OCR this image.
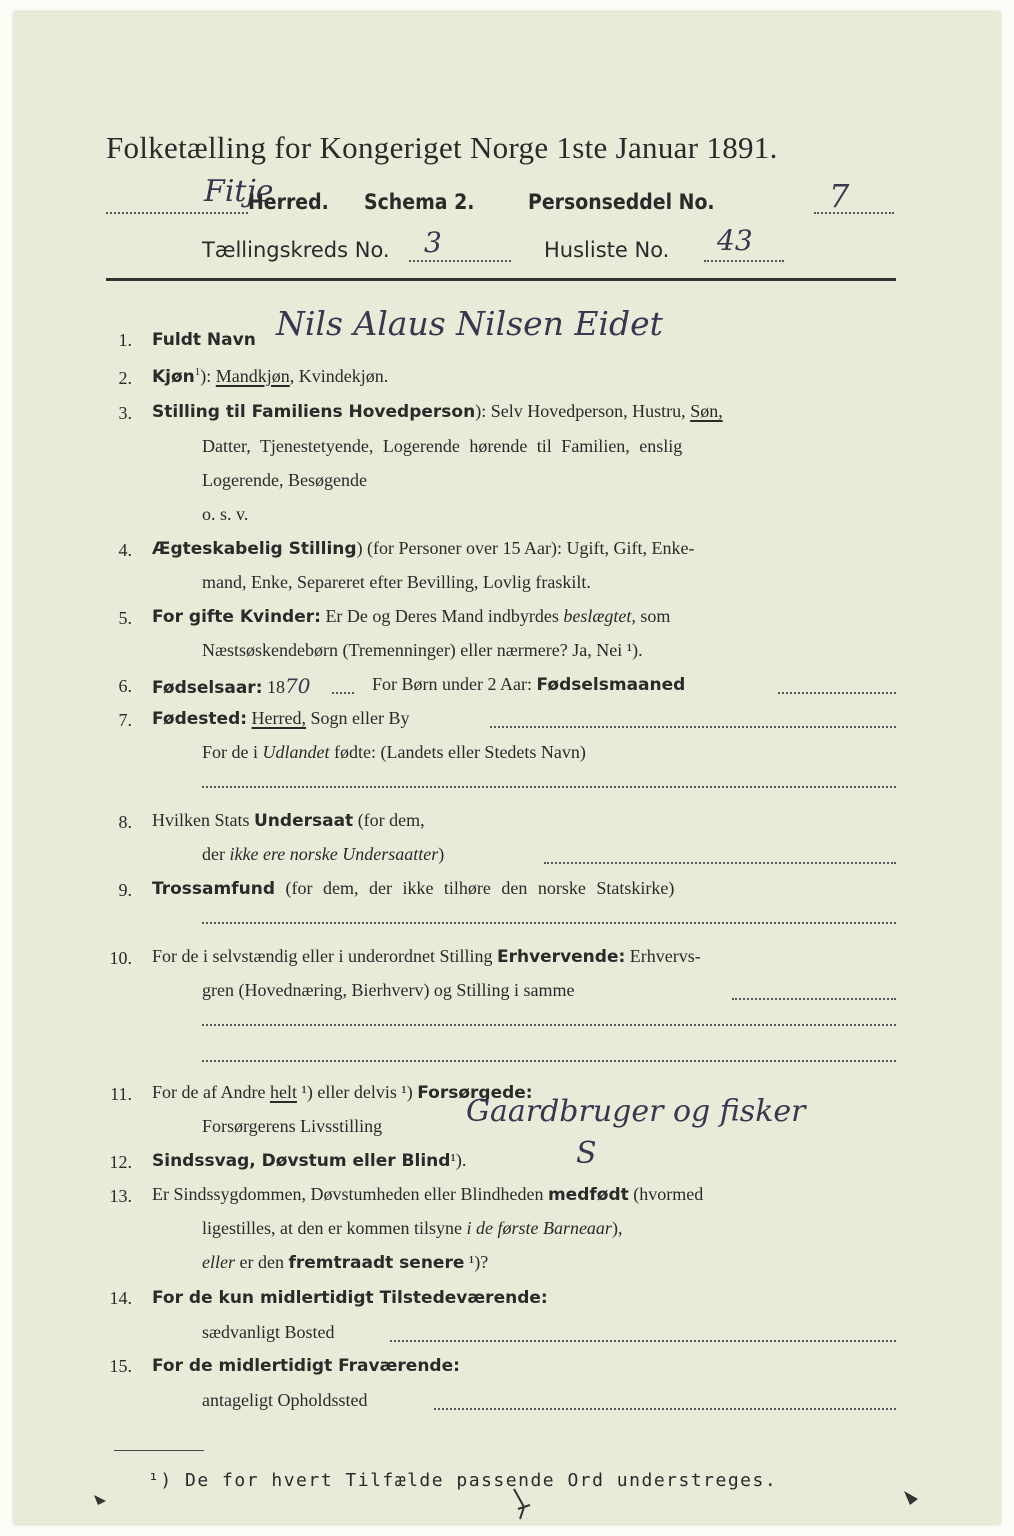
Folketælling for Kongeriget Norge 1ste Januar 1891.
Fitje
Herred. Schema 2.	Personseddel No.	7
Tællingskreds No. 3	Husliste No. 43
1. Fuldt Navn Nils Alaus Nilsen Eidet
2. Kjøn$^1$): Mandkjøn, Kvindekjøn.
3. Stilling til Familiens Hovedperson): Selv Hovedperson, Hustru, Søn,
Datter, Tjenestetyende, Logerende hørende til Familien, enslig
Logerende, Besøgende
o. s. v.
4. Ægteskabelig Stilling) (for Personer over 15 Aar): Ugift, Gift, Enke-
mand, Enke, Separeret efter Bevilling, Lovlig fraskilt.
5. For gifte Kvinder: Er De og Deres Mand indbyrdes beslægtet, som
Næstsøskendebørn (Tremenninger) eller nærmere? Ja, Nei ¹).
6. Fødselsaar: 1870	For Børn under 2 Aar: Fødselsmaaned
7. Fødested: Herred, Sogn eller By
For de i Udlandet fødte: (Landets eller Stedets Navn)
8. Hvilken Stats Undersaat (for dem,
der ikke ere norske Undersaatter)
9. Trossamfund (for dem, der ikke tilhøre den norske Statskirke)
10. For de i selvstændig eller i underordnet Stilling Erhvervende: Erhvervs-
gren (Hovednæring, Bierhverv) og Stilling i samme
11. For de af Andre helt ¹) eller delvis ¹) Forsørgede:
Forsørgerens Livsstilling	Gaardbruger og fisker
12. Sindssvag, Døvstum eller Blind¹).	S
13. Er Sindssygdommen, Døvstumheden eller Blindheden medfødt (hvormed
ligestilles, at den er kommen tilsyne i de første Barneaar),
eller er den fremtraadt senere ¹)?
14. For de kun midlertidigt Tilstedeværende:
sædvanligt Bosted
15. For de midlertidigt Fraværende:
antageligt Opholdssted
¹) De for hvert Tilfælde passende Ord understreges.
